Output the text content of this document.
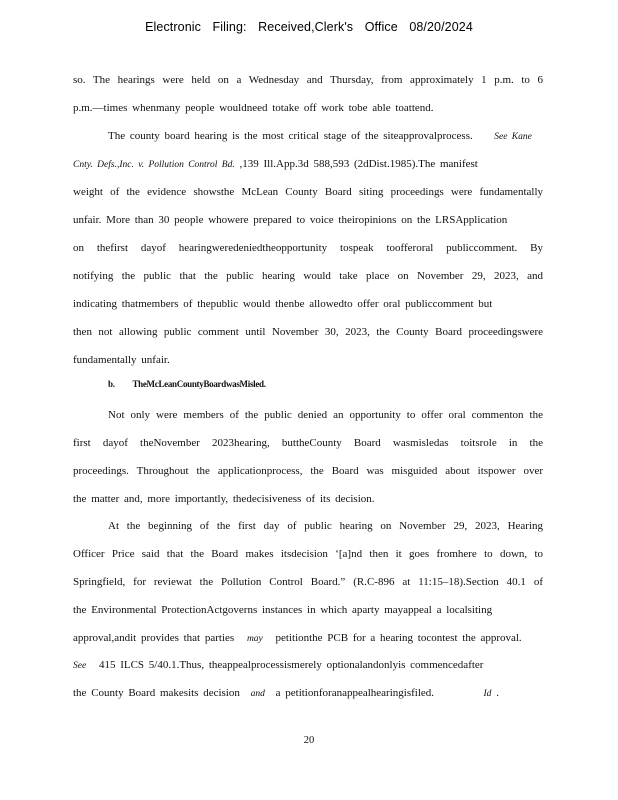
Electronic Filing: Received,Clerk's Office 08/20/2024
so. The hearings were held on a Wednesday and Thursday, from approximately 1 p.m. to 6
p.m.—times whenmany people wouldneed totake off work tobe able toattend.
The county board hearing is the most critical stage of the siteapprovalprocess. See Kane
Cnty. Defs.,Inc. v. Pollution Control Bd. ,139 Ill.App.3d 588,593 (2dDist.1985).The manifest
weight of the evidence showsthe McLean County Board siting proceedings were fundamentally
unfair. More than 30 people whowere prepared to voice theiropinions on the LRSApplication
on thefirst dayof hearingweredeniedtheopportunity tospeak toofferoral publiccomment. By
notifying the public that the public hearing would take place on November 29, 2023, and
indicating thatmembers of thepublic would thenbe allowedto offer oral publiccomment but
then not allowing public comment until November 30, 2023, the County Board proceedingswere
fundamentally unfair.
b. TheMcLeanCountyBoardwasMisled.
Not only were members of the public denied an opportunity to offer oral commenton the
first dayof theNovember 2023hearing, buttheCounty Board wasmisledas toitsrole in the
proceedings. Throughout the applicationprocess, the Board was misguided about itspower over
the matter and, more importantly, thedecisiveness of its decision.
At the beginning of the first day of public hearing on November 29, 2023, Hearing
Officer Price said that the Board makes itsdecision ‘[a]nd then it goes fromhere to down, to
Springfield, for reviewat the Pollution Control Board.” (R.C-896 at 11:15–18).Section 40.1 of
the Environmental ProtectionActgoverns instances in which aparty mayappeal a localsiting
approval,andit provides that parties may petitionthe PCB for a hearing tocontest the approval.
See 415 ILCS 5/40.1.Thus, theappealprocessismerely optionalandonlyis commencedafter
the County Board makesits decision and a petitionforanappealhearingisfiled.	Id .
20
